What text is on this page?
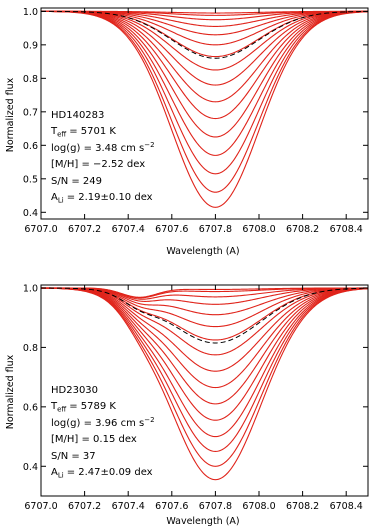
Normalized flux
Wavelength (A)
6707.0 6707.2 6707.4 6707.6 6707.8 6708.0 6708.2 6708.4
0.4
0.5
0.6
0.7
0.8
0.9
1.0
HD140283
$T_{eff} = 5701$ K
log(g) = 3.48 cm $s^{-2}$
[M/H] = −2.52 dex
S/N = 249
$A_{Li} = 2.19\pm 0.10$ dex
Normalized flux
Wavelength (A)
6707.0 6707.2 6707.4 6707.6 6707.8 6708.0 6708.2 6708.4
0.4
0.6
0.8
1.0
HD23030
$T_{eff} = 5789$ K
log(g) = 3.96 cm $s^{-2}$
[M/H] = 0.15 dex
S/N = 37
$A_{Li} = 2.47\pm 0.09$ dex
